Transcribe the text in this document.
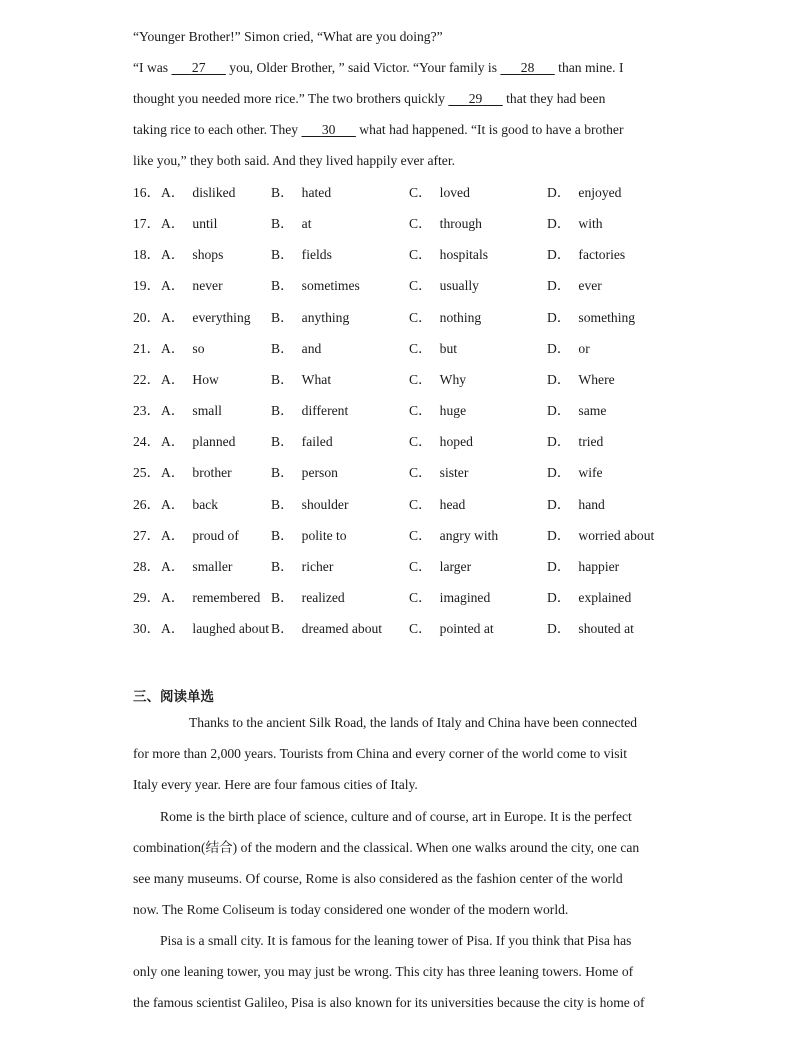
“Younger Brother!” Simon cried, “What are you doing?”
“I was       27       you, Older Brother, ” said Victor. “Your family is       28       than mine. I
thought you needed more rice.” The two brothers quickly       29       that they had been
taking rice to each other. They       30       what had happened. “It is good to have a brother
like you,” they both said. And they lived happily ever after.
16． A． disliked	B． hated	C． loved	D． enjoyed
17． A． until	B． at	C． through	D． with
18． A． shops	B． fields	C． hospitals	D． factories
19． A． never	B． sometimes	C． usually	D． ever
20． A． everything B． anything	C． nothing	D． something
21． A． so	B． and	C． but	D． or
22． A． How	B． What	C． Why	D． Where
23． A． small	B． different	C． huge	D． same
24． A． planned	B． failed	C． hoped	D． tried
25． A． brother	B． person	C． sister	D． wife
26． A． back	B． shoulder	C． head	D． hand
27． A． proud of B． polite to	C． angry with	D． worried about
28． A． smaller	B． richer	C． larger	D． happier
29． A． remembered B． realized	C． imagined	D． explained
30． A． laughed about B． dreamed about C． pointed at	D． shouted at
三、阅读单选
Thanks to the ancient Silk Road, the lands of Italy and China have been connected
for more than 2,000 years. Tourists from China and every corner of the world come to visit
Italy every year. Here are four famous cities of Italy.
Rome is the birth place of science, culture and of course, art in Europe. It is the perfect
combination(结合) of the modern and the classical. When one walks around the city, one can
see many museums. Of course, Rome is also considered as the fashion center of the world
now. The Rome Coliseum is today considered one wonder of the modern world.
Pisa is a small city. It is famous for the leaning tower of Pisa. If you think that Pisa has
only one leaning tower, you may just be wrong. This city has three leaning towers. Home of
the famous scientist Galileo, Pisa is also known for its universities because the city is home of
